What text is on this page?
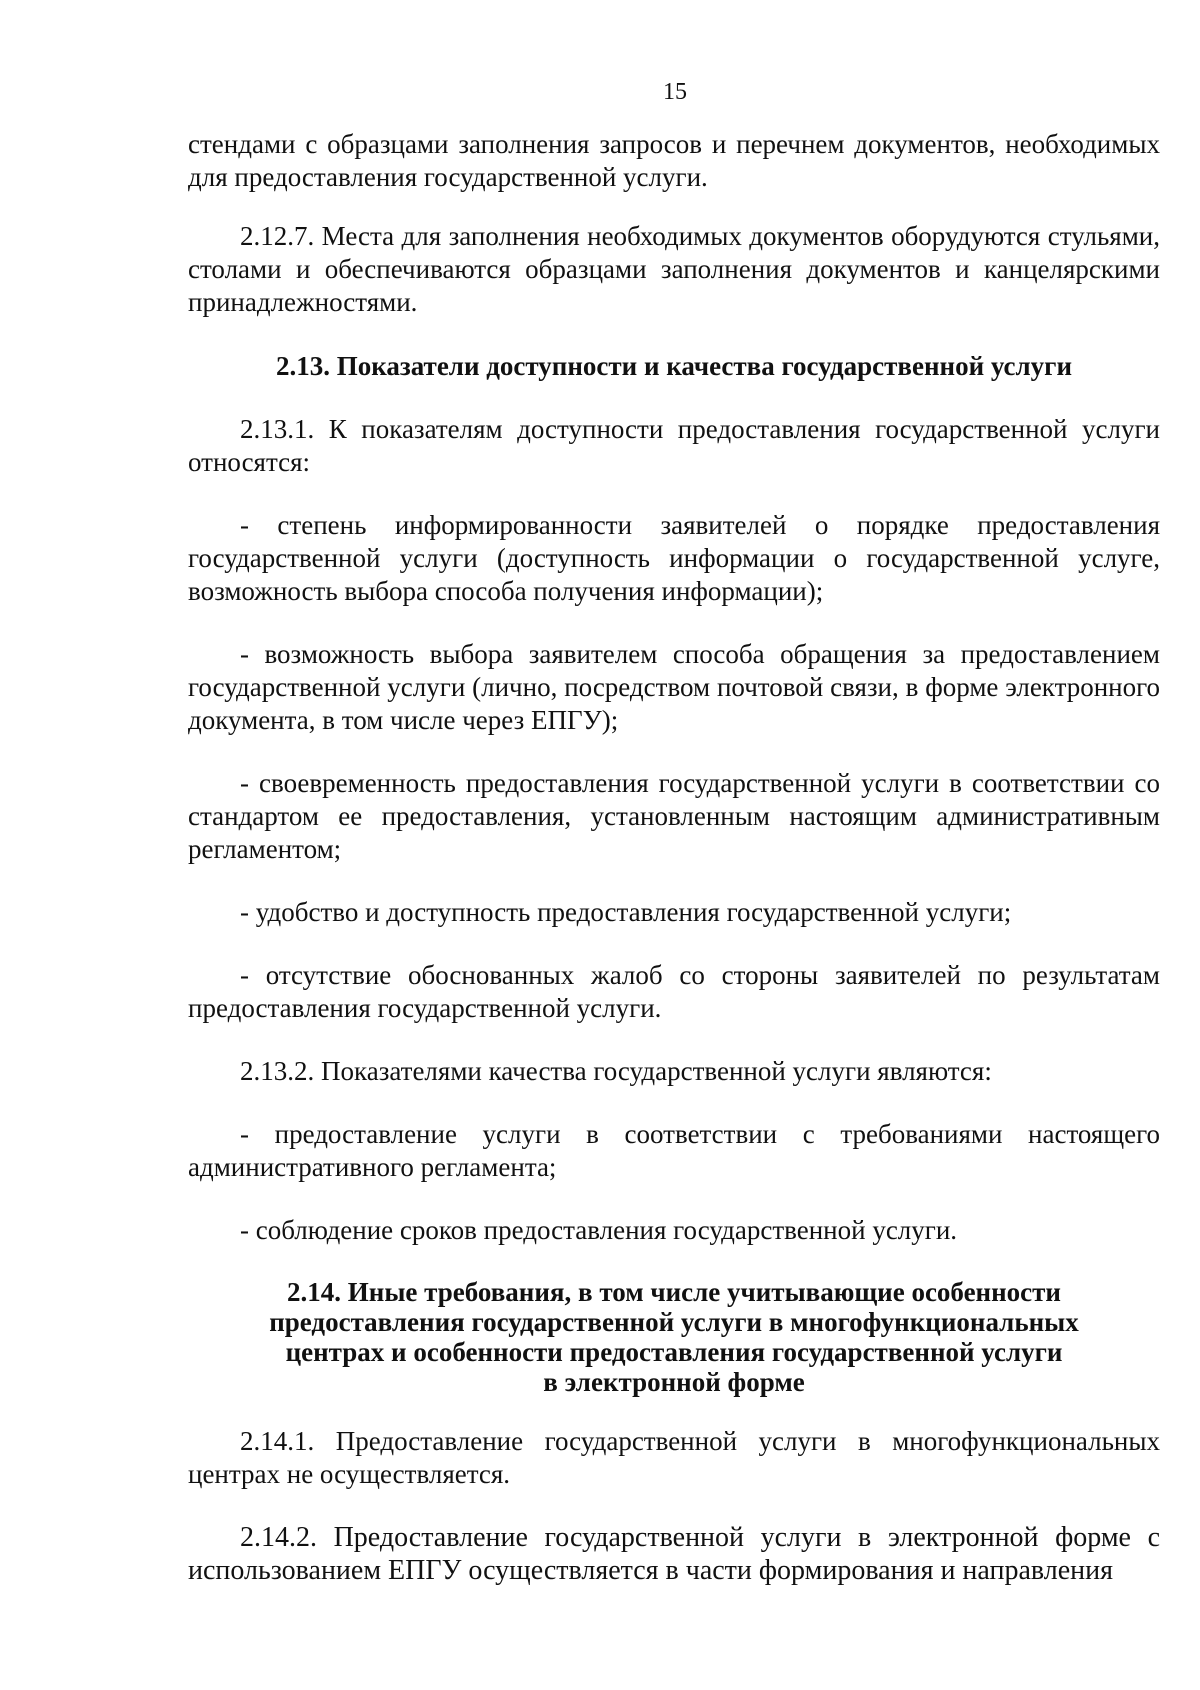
15

стендами с образцами заполнения запросов и перечнем документов, необходимых для предоставления государственной услуги.

2.12.7. Места для заполнения необходимых документов оборудуются стульями, столами и обеспечиваются образцами заполнения документов и канцелярскими принадлежностями.

2.13. Показатели доступности и качества государственной услуги

2.13.1. К показателям доступности предоставления государственной услуги относятся:

- степень информированности заявителей о порядке предоставления государственной услуги (доступность информации о государственной услуге, возможность выбора способа получения информации);

- возможность выбора заявителем способа обращения за предоставлением государственной услуги (лично, посредством почтовой связи, в форме электронного документа, в том числе через ЕПГУ);

- своевременность предоставления государственной услуги в соответствии со стандартом ее предоставления, установленным настоящим административным регламентом;

- удобство и доступность предоставления государственной услуги;

- отсутствие обоснованных жалоб со стороны заявителей по результатам предоставления государственной услуги.

2.13.2. Показателями качества государственной услуги являются:

- предоставление услуги в соответствии с требованиями настоящего административного регламента;

- соблюдение сроков предоставления государственной услуги.

2.14. Иные требования, в том числе учитывающие особенности
предоставления государственной услуги в многофункциональных
центрах и особенности предоставления государственной услуги
в электронной форме

2.14.1. Предоставление государственной услуги в многофункциональных центрах не осуществляется.

2.14.2. Предоставление государственной услуги в электронной форме с использованием ЕПГУ осуществляется в части формирования и направления
